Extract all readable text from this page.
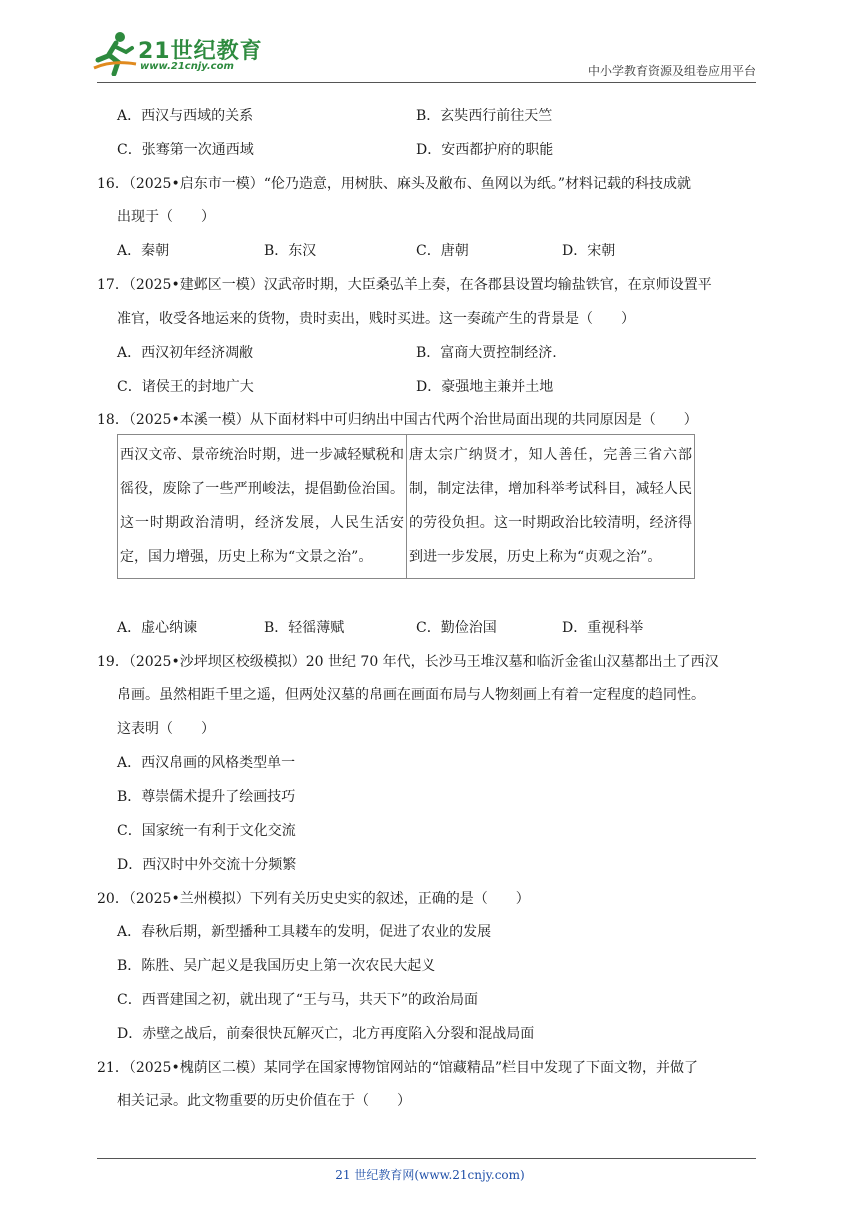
21世纪教育
www.21cnjy.com	中小学教育资源及组卷应用平台
A．西汉与西域的关系	B．玄奘西行前往天竺
C．张骞第一次通西域	D．安西都护府的职能
16．（2025•启东市一模）“伦乃造意，用树肤、麻头及敝布、鱼网以为纸。”材料记载的科技成就
出现于（　　）
A．秦朝	B．东汉	C．唐朝	D．宋朝
17．（2025•建邺区一模）汉武帝时期，大臣桑弘羊上奏，在各郡县设置均输盐铁官，在京师设置平
准官，收受各地运来的货物，贵时卖出，贱时买进。这一奏疏产生的背景是（　　）
A．西汉初年经济凋敝	B．富商大贾控制经济.
C．诸侯王的封地广大	D．豪强地主兼并土地
18．（2025•本溪一模）从下面材料中可归纳出中国古代两个治世局面出现的共同原因是（　　）
西汉文帝、景帝统治时期，进一步减轻赋税和徭役，废除了一些严刑峻法，提倡勤俭治国。这一时期政治清明，经济发展，人民生活安定，国力增强，历史上称为“文景之治”。	唐太宗广纳贤才，知人善任，完善三省六部制，制定法律，增加科举考试科目，减轻人民的劳役负担。这一时期政治比较清明，经济得到进一步发展，历史上称为“贞观之治”。
A．虚心纳谏	B．轻徭薄赋	C．勤俭治国	D．重视科举
19．（2025•沙坪坝区校级模拟）20 世纪 70 年代，长沙马王堆汉墓和临沂金雀山汉墓都出土了西汉
帛画。虽然相距千里之遥，但两处汉墓的帛画在画面布局与人物刻画上有着一定程度的趋同性。
这表明（　　）
A．西汉帛画的风格类型单一
B．尊崇儒术提升了绘画技巧
C．国家统一有利于文化交流
D．西汉时中外交流十分频繁
20．（2025•兰州模拟）下列有关历史史实的叙述，正确的是（　　）
A．春秋后期，新型播种工具耧车的发明，促进了农业的发展
B．陈胜、吴广起义是我国历史上第一次农民大起义
C．西晋建国之初，就出现了“王与马，共天下”的政治局面
D．赤壁之战后，前秦很快瓦解灭亡，北方再度陷入分裂和混战局面
21．（2025•槐荫区二模）某同学在国家博物馆网站的“馆藏精品”栏目中发现了下面文物，并做了
相关记录。此文物重要的历史价值在于（　　）
21 世纪教育网(www.21cnjy.com)
